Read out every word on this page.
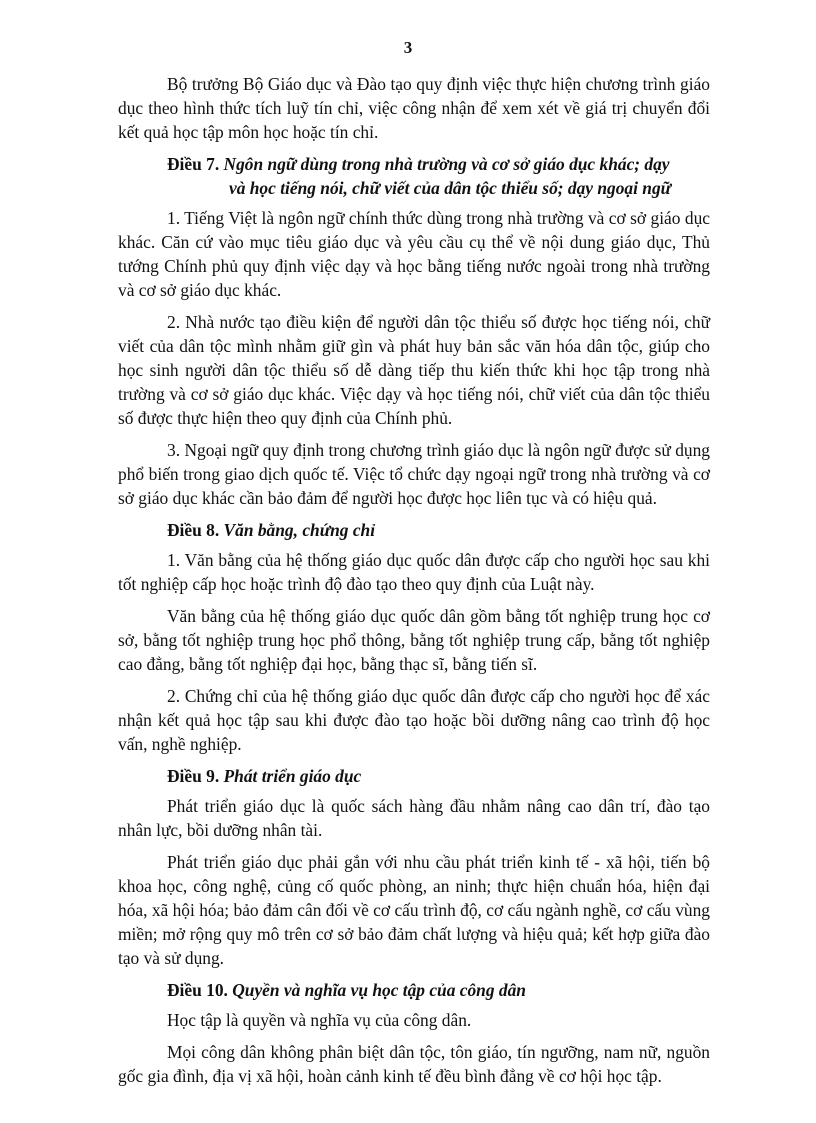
3

Bộ trưởng Bộ Giáo dục và Đào tạo quy định việc thực hiện chương trình giáo dục theo hình thức tích luỹ tín chỉ, việc công nhận để xem xét về giá trị chuyển đổi kết quả học tập môn học hoặc tín chỉ.

Điều 7. Ngôn ngữ dùng trong nhà trường và cơ sở giáo dục khác; dạy
và học tiếng nói, chữ viết của dân tộc thiểu số; dạy ngoại ngữ

1. Tiếng Việt là ngôn ngữ chính thức dùng trong nhà trường và cơ sở giáo dục khác. Căn cứ vào mục tiêu giáo dục và yêu cầu cụ thể về nội dung giáo dục, Thủ tướng Chính phủ quy định việc dạy và học bằng tiếng nước ngoài trong nhà trường và cơ sở giáo dục khác.

2. Nhà nước tạo điều kiện để người dân tộc thiểu số được học tiếng nói, chữ viết của dân tộc mình nhằm giữ gìn và phát huy bản sắc văn hóa dân tộc, giúp cho học sinh người dân tộc thiểu số dễ dàng tiếp thu kiến thức khi học tập trong nhà trường và cơ sở giáo dục khác. Việc dạy và học tiếng nói, chữ viết của dân tộc thiểu số được thực hiện theo quy định của Chính phủ.

3. Ngoại ngữ quy định trong chương trình giáo dục là ngôn ngữ được sử dụng phổ biến trong giao dịch quốc tế. Việc tổ chức dạy ngoại ngữ trong nhà trường và cơ sở giáo dục khác cần bảo đảm để người học được học liên tục và có hiệu quả.

Điều 8. Văn bằng, chứng chỉ

1. Văn bằng của hệ thống giáo dục quốc dân được cấp cho người học sau khi tốt nghiệp cấp học hoặc trình độ đào tạo theo quy định của Luật này.

Văn bằng của hệ thống giáo dục quốc dân gồm bằng tốt nghiệp trung học cơ sở, bằng tốt nghiệp trung học phổ thông, bằng tốt nghiệp trung cấp, bằng tốt nghiệp cao đẳng, bằng tốt nghiệp đại học, bằng thạc sĩ, bằng tiến sĩ.

2. Chứng chỉ của hệ thống giáo dục quốc dân được cấp cho người học để xác nhận kết quả học tập sau khi được đào tạo hoặc bồi dưỡng nâng cao trình độ học vấn, nghề nghiệp.

Điều 9. Phát triển giáo dục

Phát triển giáo dục là quốc sách hàng đầu nhằm nâng cao dân trí, đào tạo nhân lực, bồi dưỡng nhân tài.

Phát triển giáo dục phải gắn với nhu cầu phát triển kinh tế - xã hội, tiến bộ khoa học, công nghệ, củng cố quốc phòng, an ninh; thực hiện chuẩn hóa, hiện đại hóa, xã hội hóa; bảo đảm cân đối về cơ cấu trình độ, cơ cấu ngành nghề, cơ cấu vùng miền; mở rộng quy mô trên cơ sở bảo đảm chất lượng và hiệu quả; kết hợp giữa đào tạo và sử dụng.

Điều 10. Quyền và nghĩa vụ học tập của công dân

Học tập là quyền và nghĩa vụ của công dân.

Mọi công dân không phân biệt dân tộc, tôn giáo, tín ngưỡng, nam nữ, nguồn gốc gia đình, địa vị xã hội, hoàn cảnh kinh tế đều bình đẳng về cơ hội học tập.
